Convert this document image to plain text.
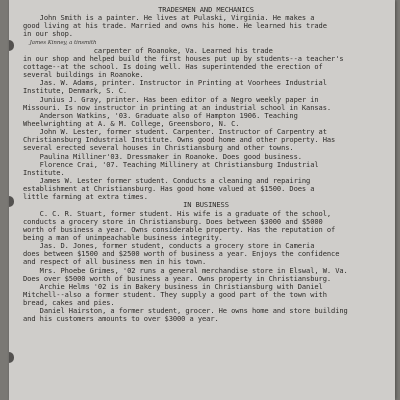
TRADESMEN AND MECHANICS
John Smith is a painter. He lives at Pulaski, Virginia. He makes a
good living at his trade. Married and owns his home. He learned his trade
in our shop.
James Kinney, a tinsmith
carpenter of Roanoke, Va. Learned his trade
in our shop and helped build the first houses put up by students--a teacher's
cottage--at the school. Is doing well. Has superintended the erection of
several buildings in Roanoke.
Jas. W. Adams, printer. Instructor in Printing at Voorhees Industrial
Institute, Denmark, S. C.
Junius J. Gray, printer. Has been editor of a Negro weekly paper in
Missouri. Is now instructor in printing at an industrial school in Kansas.
Anderson Watkins, '03. Graduate also of Hampton 1906. Teaching
Wheelwrighting at A. & M. College, Greensboro, N. C.
John W. Lester, former student. Carpenter. Instructor of Carpentry at
Christiansburg Industrial Institute. Owns good home and other property. Has
several erected several houses in Christiansburg and other towns.
Paulina Milliner'03. Dressmaker in Roanoke. Does good business.
Florence Crai, '07. Teaching Millinery at Christiansburg Industrial
Institute.
James W. Lester former student. Conducts a cleaning and repairing
establishment at Christiansburg. Has good home valued at $1500. Does a
little farming at extra times.
IN BUSINESS
C. C. R. Stuart, former student. His wife is a graduate of the school,
conducts a grocery store in Christiansburg. Does between $3000 and $5000
worth of business a year. Owns considerable property. Has the reputation of
being a man of unimpeachable business integrity.
Jas. D. Jones, former student, conducts a grocery store in Cameria
does between $1500 and $2500 worth of business a year. Enjoys the confidence
and respect of all business men in his town.
Mrs. Phoebe Grimes, '02 runs a general merchandise store in Elswal, W. Va.
Does over $5000 worth of business a year. Owns property in Christiansburg.
Archie Helms '02 is in Bakery business in Christiansburg with Daniel
Mitchell--also a former student. They supply a good part of the town with
bread, cakes and pies.
Daniel Hairston, a former student, grocer. He owns home and store building
and his customers amounts to over $3000 a year.
